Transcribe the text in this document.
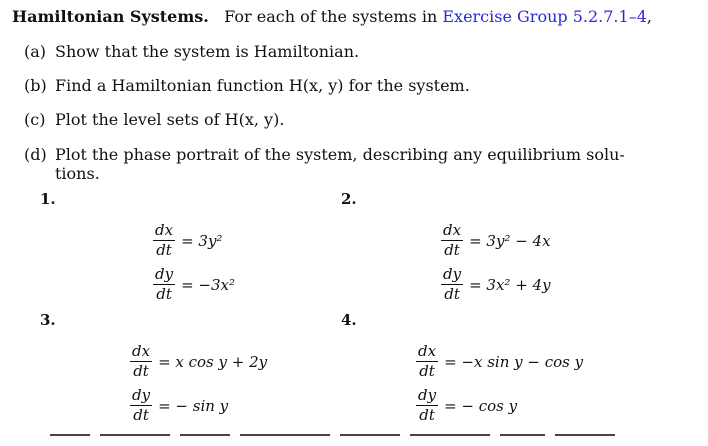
Hamiltonian Systems. For each of the systems in Exercise Group 5.2.7.1–4,
(a) Show that the system is Hamiltonian.
(b) Find a Hamiltonian function H(x, y) for the system.
(c) Plot the level sets of H(x, y).
(d) Plot the phase portrait of the system, describing any equilibrium solu-
tions.
1.
$\frac{dx}{dt} = 3y^2$
$\frac{dy}{dt} = -3x^2$
2.
$\frac{dx}{dt} = 3y^2 - 4x$
$\frac{dy}{dt} = 3x^2 + 4y$
3.
$\frac{dx}{dt} = x$ cos y + 2y
$\frac{dy}{dt}$ = − sin y
4.
$\frac{dx}{dt} = -x$ sin y − cos y
$\frac{dy}{dt}$ = − cos y
